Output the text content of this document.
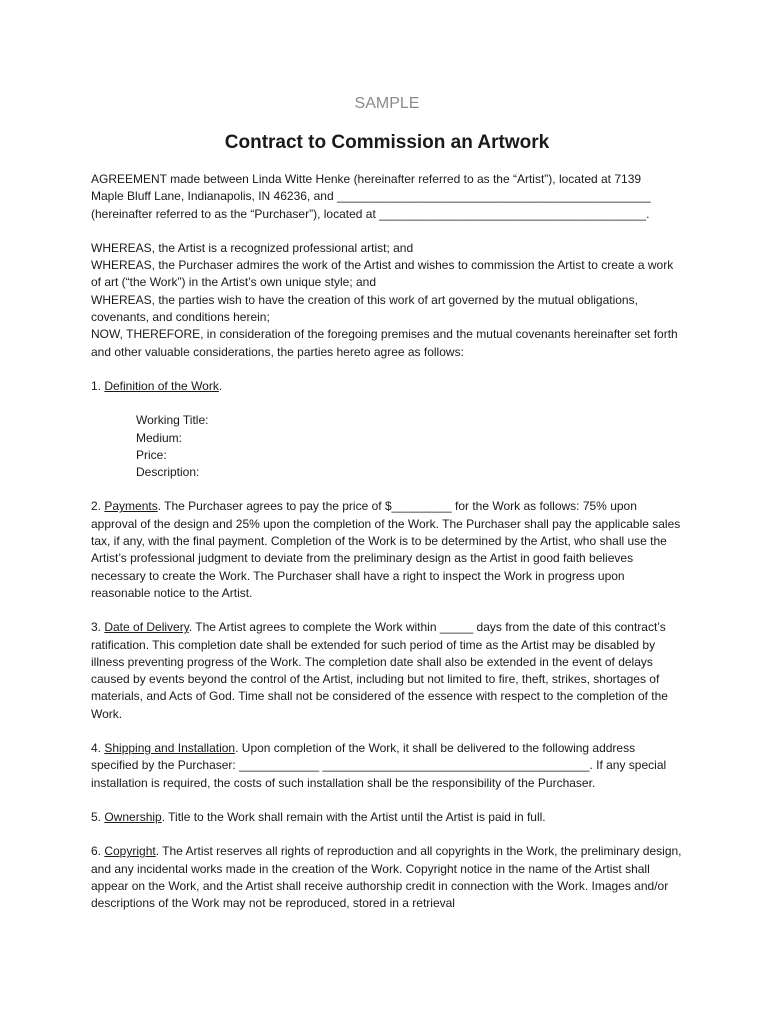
SAMPLE
Contract to Commission an Artwork

AGREEMENT made between Linda Witte Henke (hereinafter referred to as the “Artist”), located at 7139
Maple Bluff Lane, Indianapolis, IN 46236, and _______________________________________________
(hereinafter referred to as the “Purchaser”), located at ________________________________________.

WHEREAS, the Artist is a recognized professional artist; and
WHEREAS, the Purchaser admires the work of the Artist and wishes to commission the Artist to create a work of art (“the Work”) in the Artist’s own unique style; and
WHEREAS, the parties wish to have the creation of this work of art governed by the mutual obligations, covenants, and conditions herein;
NOW, THEREFORE, in consideration of the foregoing premises and the mutual covenants hereinafter set forth and other valuable considerations, the parties hereto agree as follows:

1. Definition of the Work.

Working Title:
Medium:
Price:
Description:

2. Payments. The Purchaser agrees to pay the price of $_________ for the Work as follows: 75% upon approval of the design and 25% upon the completion of the Work. The Purchaser shall pay the applicable sales tax, if any, with the final payment. Completion of the Work is to be determined by the Artist, who shall use the Artist’s professional judgment to deviate from the preliminary design as the Artist in good faith believes necessary to create the Work. The Purchaser shall have a right to inspect the Work in progress upon reasonable notice to the Artist.

3. Date of Delivery. The Artist agrees to complete the Work within _____ days from the date of this contract’s ratification. This completion date shall be extended for such period of time as the Artist may be disabled by illness preventing progress of the Work. The completion date shall also be extended in the event of delays caused by events beyond the control of the Artist, including but not limited to fire, theft, strikes, shortages of materials, and Acts of God. Time shall not be considered of the essence with respect to the completion of the Work.

4. Shipping and Installation. Upon completion of the Work, it shall be delivered to the following address specified by the Purchaser: ____________ ________________________________________. If any special installation is required, the costs of such installation shall be the responsibility of the Purchaser.

5. Ownership. Title to the Work shall remain with the Artist until the Artist is paid in full.

6. Copyright. The Artist reserves all rights of reproduction and all copyrights in the Work, the preliminary design, and any incidental works made in the creation of the Work. Copyright notice in the name of the Artist shall appear on the Work, and the Artist shall receive authorship credit in connection with the Work. Images and/or descriptions of the Work may not be reproduced, stored in a retrieval
